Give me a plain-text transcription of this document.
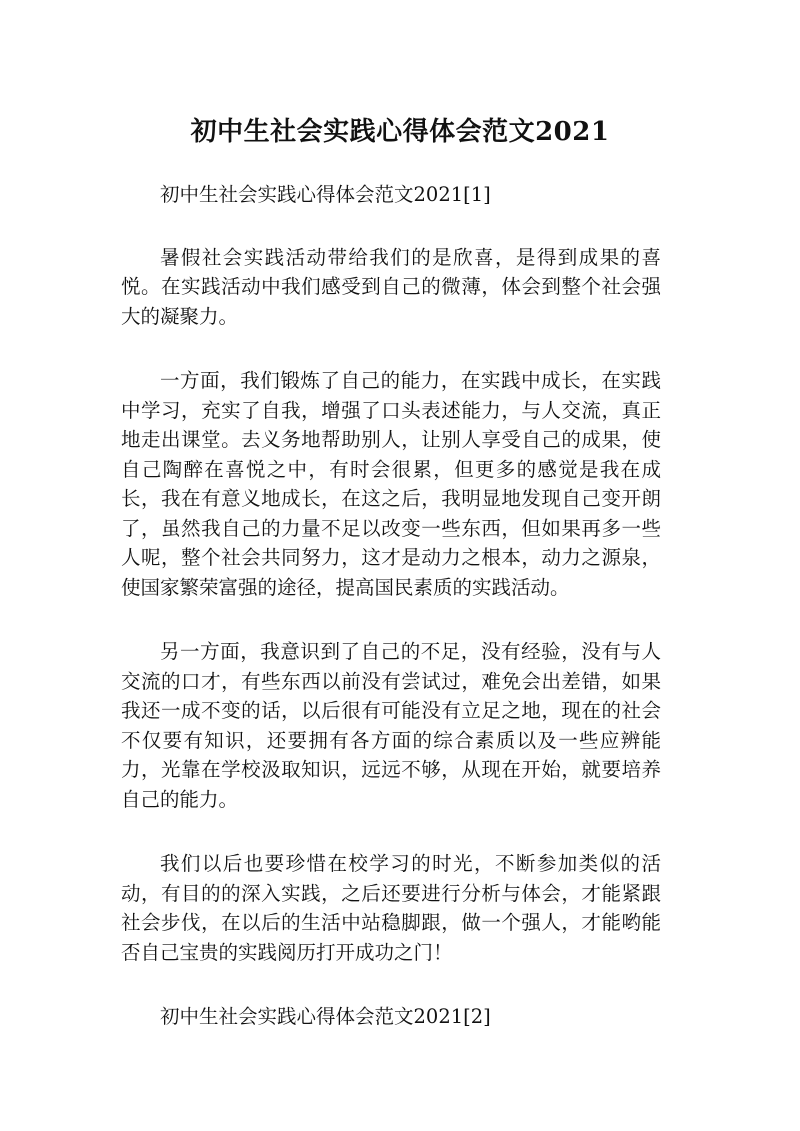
初中生社会实践心得体会范文2021

初中生社会实践心得体会范文2021[1]

暑假社会实践活动带给我们的是欣喜，是得到成果的喜悦。在实践活动中我们感受到自己的微薄，体会到整个社会强大的凝聚力。

一方面，我们锻炼了自己的能力，在实践中成长，在实践中学习，充实了自我，增强了口头表述能力，与人交流，真正地走出课堂。去义务地帮助别人，让别人享受自己的成果，使自己陶醉在喜悦之中，有时会很累，但更多的感觉是我在成长，我在有意义地成长，在这之后，我明显地发现自己变开朗了，虽然我自己的力量不足以改变一些东西，但如果再多一些人呢，整个社会共同努力，这才是动力之根本，动力之源泉，使国家繁荣富强的途径，提高国民素质的实践活动。

另一方面，我意识到了自己的不足，没有经验，没有与人交流的口才，有些东西以前没有尝试过，难免会出差错，如果我还一成不变的话，以后很有可能没有立足之地，现在的社会不仅要有知识，还要拥有各方面的综合素质以及一些应辨能力，光靠在学校汲取知识，远远不够，从现在开始，就要培养自己的能力。

我们以后也要珍惜在校学习的时光，不断参加类似的活动，有目的的深入实践，之后还要进行分析与体会，才能紧跟社会步伐，在以后的生活中站稳脚跟，做一个强人，才能哟能否自己宝贵的实践阅历打开成功之门！

初中生社会实践心得体会范文2021[2]
